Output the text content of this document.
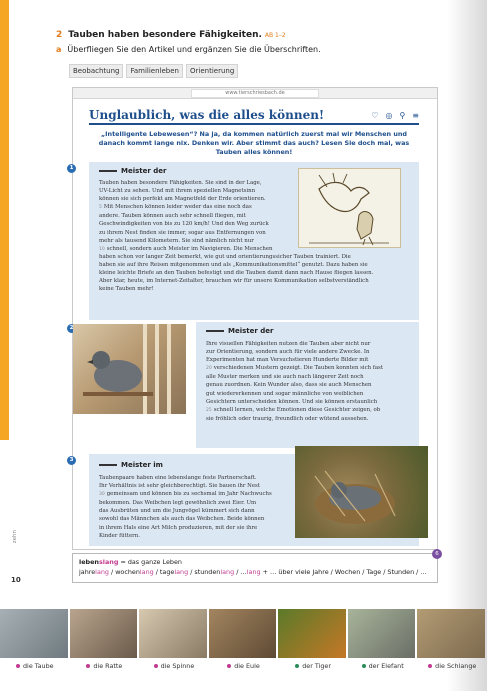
2 Tauben haben besondere Fähigkeiten. AB 1–2
a Überfliegen Sie den Artikel und ergänzen Sie die Überschriften.
Beobachtung	Familienleben	Orientierung
www.tierschriesbach.de
Unglaublich, was die alles können!	♡ ◎ ⚲ ≡
„Intelligente Lebewesen“? Na ja, da kommen natürlich zuerst mal wir Menschen und danach kommt lange nix. Denken wir. Aber stimmt das auch? Lesen Sie doch mal, was Tauben alles können!
1	Meister der
Tauben haben besondere Fähigkeiten. Sie sind in der Lage,
UV-Licht zu sehen. Und mit ihrem speziellen Magnetsinn
können sie sich perfekt am Magnetfeld der Erde orientieren.
5 Mit Menschen können leider weder das eine noch das
andere. Tauben können auch sehr schnell fliegen, mit
Geschwindigkeiten von bis zu 120 km/h! Und den Weg zurück
zu ihrem Nest finden sie immer, sogar aus Entfernungen von
mehr als tausend Kilometern. Sie sind nämlich nicht nur
10 schnell, sondern auch Meister im Navigieren. Die Menschen
haben schon vor langer Zeit bemerkt, wie gut und orientierungssicher Tauben trainiert. Die
haben sie auf ihre Reisen mitgenommen und als „Kommunikationsmittel“ genutzt. Dazu haben sie
kleine leichte Briefe an den Tauben befestigt und die Tauben damit dann nach Hause fliegen lassen.
Aber klar, heute, im Internet-Zeitalter, brauchen wir für unsere Kommunikation selbstverständlich
keine Tauben mehr!
2	Meister der
Ihre visuellen Fähigkeiten nutzen die Tauben aber nicht nur
zur Orientierung, sondern auch für viele andere Zwecke. In
Experimenten hat man Versuchstieren Hunderte Bilder mit
20 verschiedenen Mustern gezeigt. Die Tauben konnten sich fast
alle Muster merken und sie auch nach längerer Zeit noch
genau zuordnen. Kein Wunder also, dass sie auch Menschen
gut wiedererkennen und sogar männliche von weiblichen
Gesichtern unterscheiden können. Und sie können erstaunlich
25 schnell lernen, welche Emotionen diese Gesichter zeigen, ob
sie fröhlich oder traurig, freundlich oder wütend aussehen.
3
Meister im
Taubenpaare haben eine lebenslange feste Partnerschaft.
Ihr Verhältnis ist sehr gleichberechtigt. Sie bauen ihr Nest
30 gemeinsam und können bis zu sechsmal im Jahr Nachwuchs
bekommen. Das Weibchen legt gewöhnlich zwei Eier. Um
das Ausbrüten und um die Jungvögel kümmert sich dann
sowohl das Männchen als auch das Weibchen. Beide können
in ihrem Hals eine Art Milch produzieren, mit der sie ihre
Kinder füttern.
lebenslang = das ganze Leben
jahrelang / wochenlang / tagelang / stundenlang / …lang + … über viele Jahre / Wochen / Tage / Stunden / …
6
zehn
10
die Taube	die Ratte	die Spinne	die Eule	der Tiger	der Elefant	die Schlange
